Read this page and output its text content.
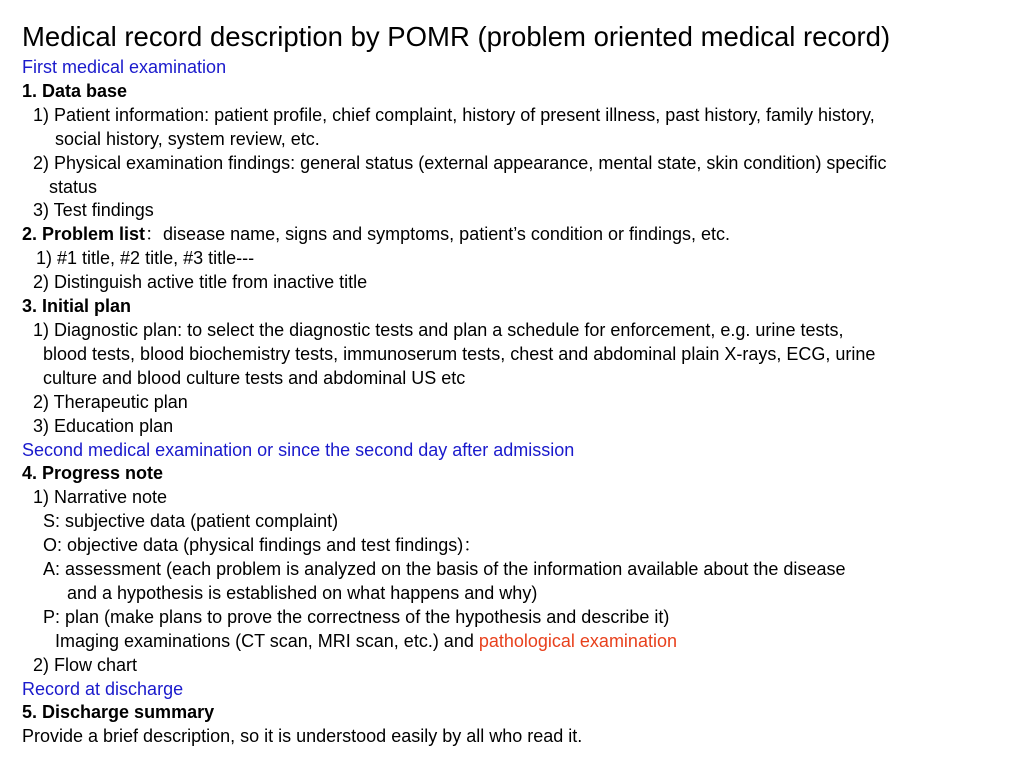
Medical record description by POMR (problem oriented medical record)
First medical examination
1. Data base
1) Patient information: patient profile, chief complaint, history of present illness, past history, family history,
social history, system review, etc.
2) Physical examination findings: general status (external appearance, mental state, skin condition) specific
status
3) Test findings
2. Problem list：disease name, signs and symptoms, patient’s condition or findings, etc.
1) #1 title, #2 title, #3 title---
2) Distinguish active title from inactive title
3. Initial plan
1) Diagnostic plan: to select the diagnostic tests and plan a schedule for enforcement, e.g. urine tests,
blood tests, blood biochemistry tests, immunoserum tests, chest and abdominal plain X-rays, ECG, urine
culture and blood culture tests and abdominal US etc
2) Therapeutic plan
3) Education plan
Second medical examination or since the second day after admission
4. Progress note
1) Narrative note
S: subjective data (patient complaint)
O: objective data (physical findings and test findings)：
A: assessment (each problem is analyzed on the basis of the information available about the disease
and a hypothesis is established on what happens and why)
P: plan (make plans to prove the correctness of the hypothesis and describe it)
Imaging examinations (CT scan, MRI scan, etc.) and pathological examination
2) Flow chart
Record at discharge
5. Discharge summary
Provide a brief description, so it is understood easily by all who read it.
